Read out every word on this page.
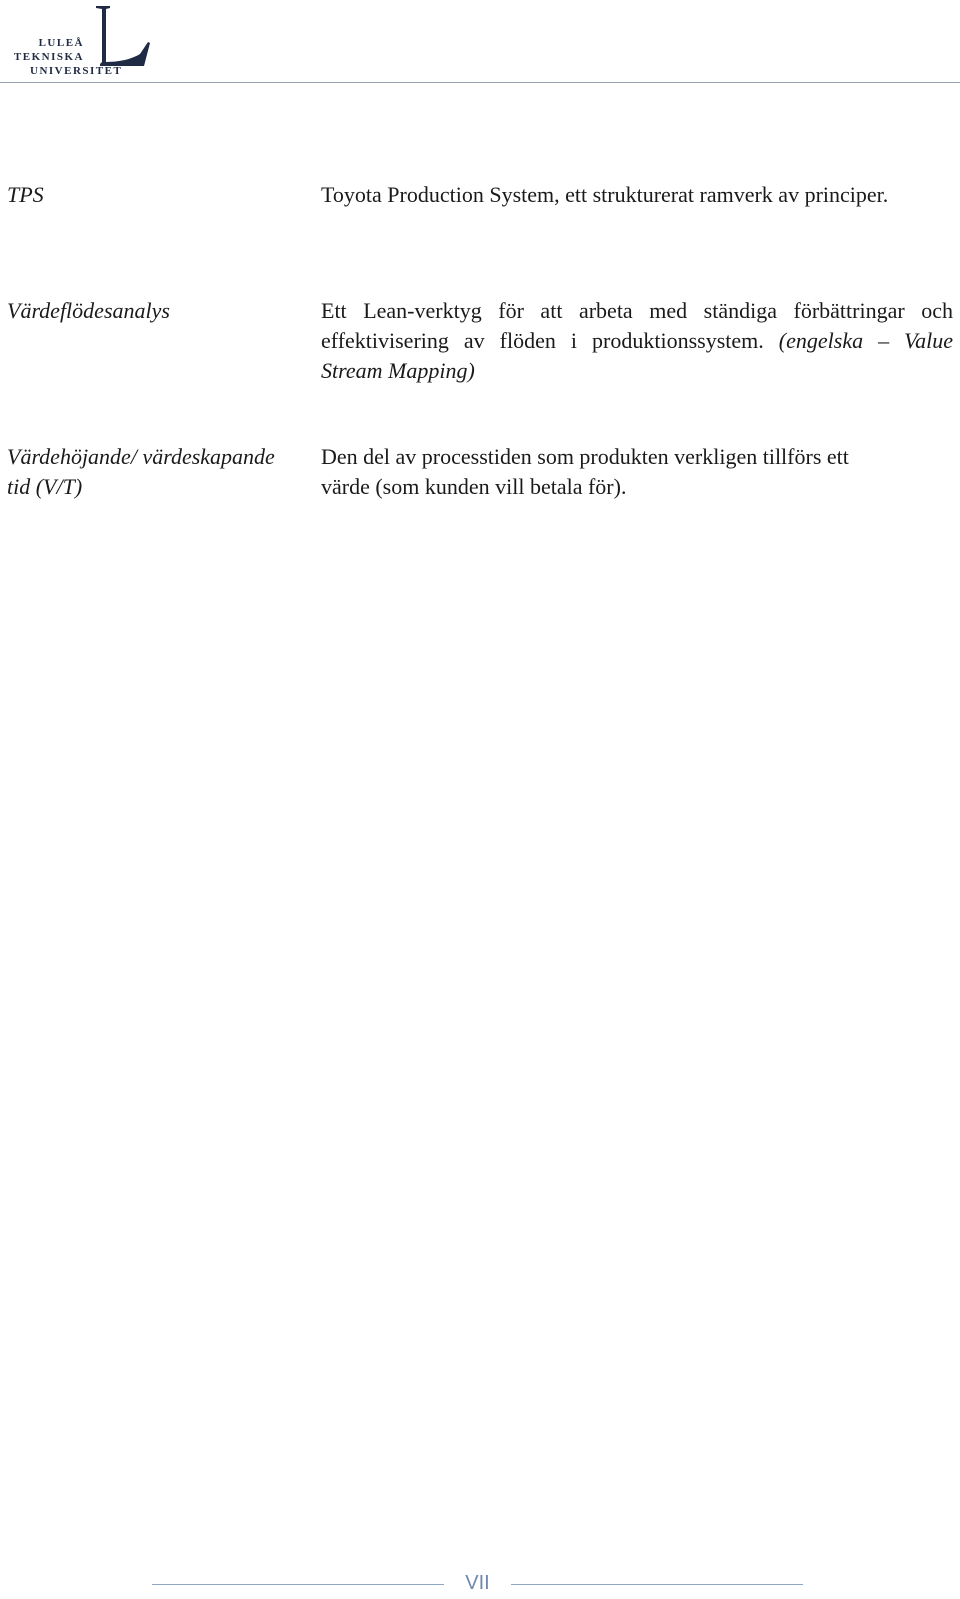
LULEÅ
TEKNISKA
UNIVERSITET
TPS	Toyota Production System, ett strukturerat ramverk av principer.
Värdeflödesanalys	Ett Lean-verktyg för att arbeta med ständiga förbättringar och effektivisering av flöden i produktionssystem. (engelska – Value Stream Mapping)
Värdehöjande/ värdeskapande tid (V/T)
Den del av processtiden som produkten verkligen tillförs ett värde (som kunden vill betala för).
VII
